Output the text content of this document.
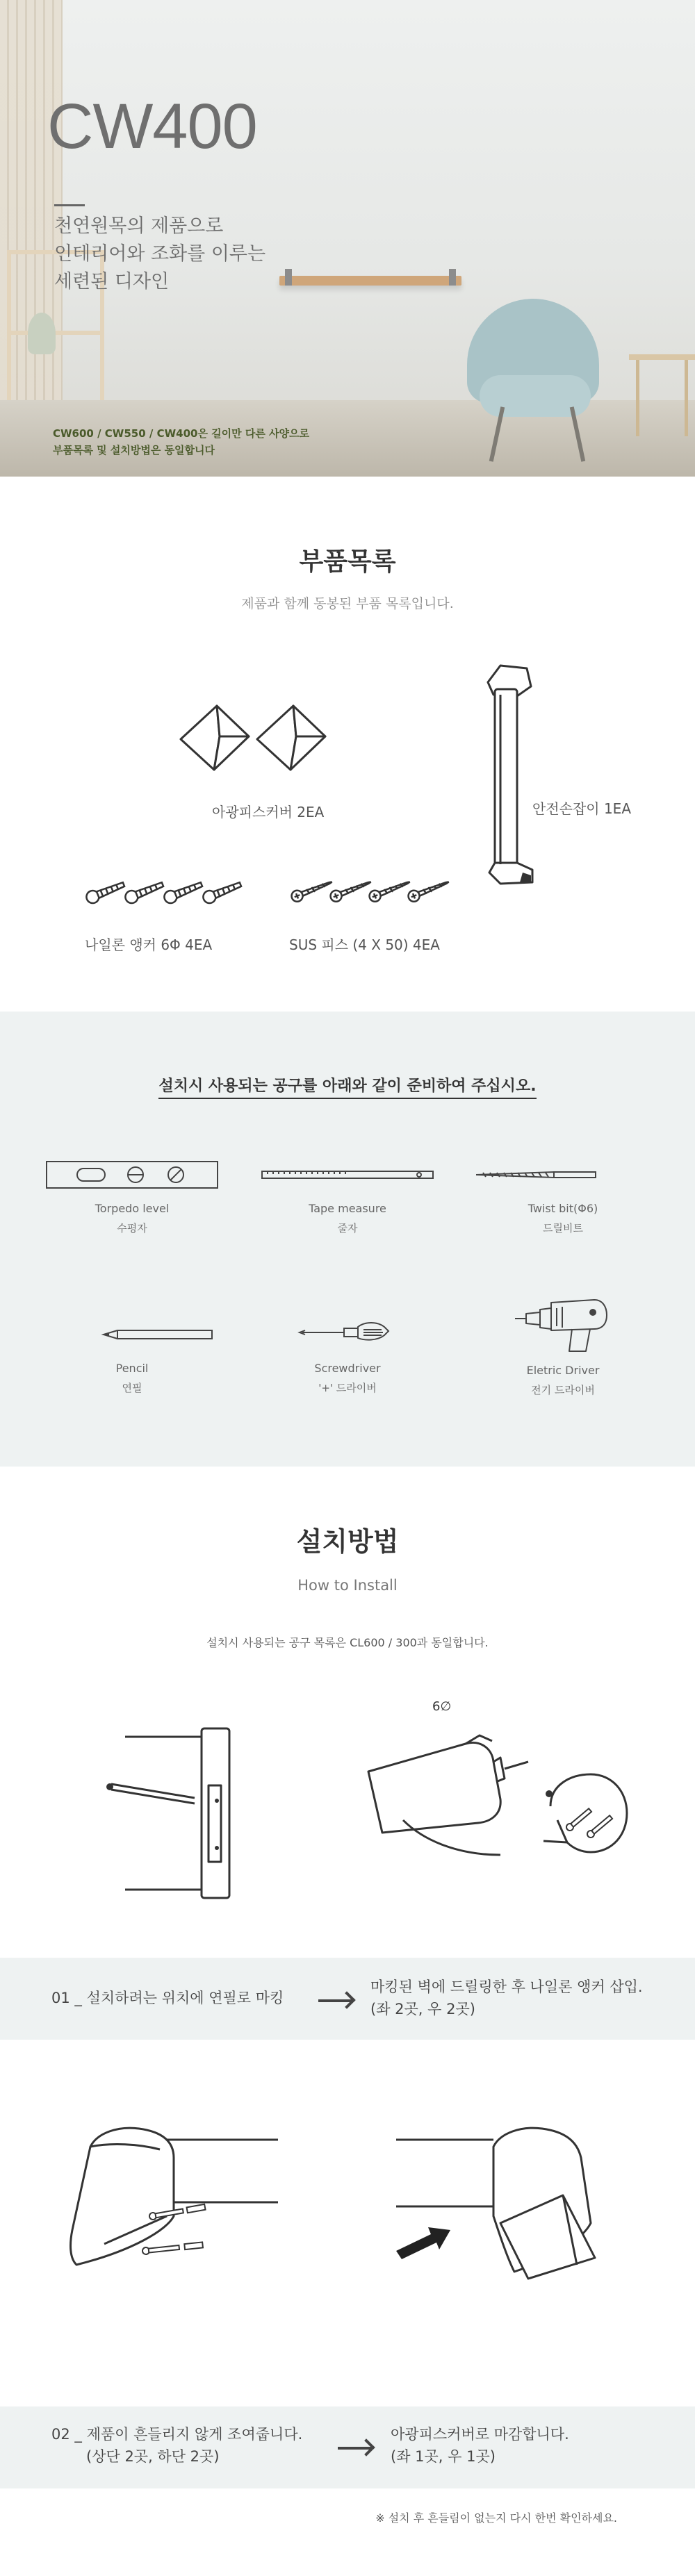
CW400
천연원목의 제품으로
인테리어와 조화를 이루는
세련된 디자인
CW600 / CW550 / CW400은 길이만 다른 사양으로
부품목록 및 설치방법은 동일합니다
부품목록

제품과 함께 동봉된 부품 목록입니다.

아광피스커버 2EA	안전손잡이 1EA
나일론 앵커 6Φ 4EA	SUS 피스 (4 X 50) 4EA
설치시 사용되는 공구를 아래와 같이 준비하여 주십시오.
Torpedo level
수평자
Tape measure
줄자
Twist bit(Φ6)
드릴비트
Pencil
연필
Screwdriver
'+' 드라이버
Eletric Driver
전기 드라이버
설치방법

How to Install

설치시 사용되는 공구 목록은 CL600 / 300과 동일합니다.

6∅
01 _ 설치하려는 위치에 연필로 마킹
마킹된 벽에 드릴링한 후 나일론 앵커 삽입.
(좌 2곳, 우 2곳)
02 _ 제품이 흔들리지 않게 조여줍니다.
(상단 2곳, 하단 2곳)
아광피스커버로 마감합니다.
(좌 1곳, 우 1곳)

※ 설치 후 흔들림이 없는지 다시 한번 확인하세요.
